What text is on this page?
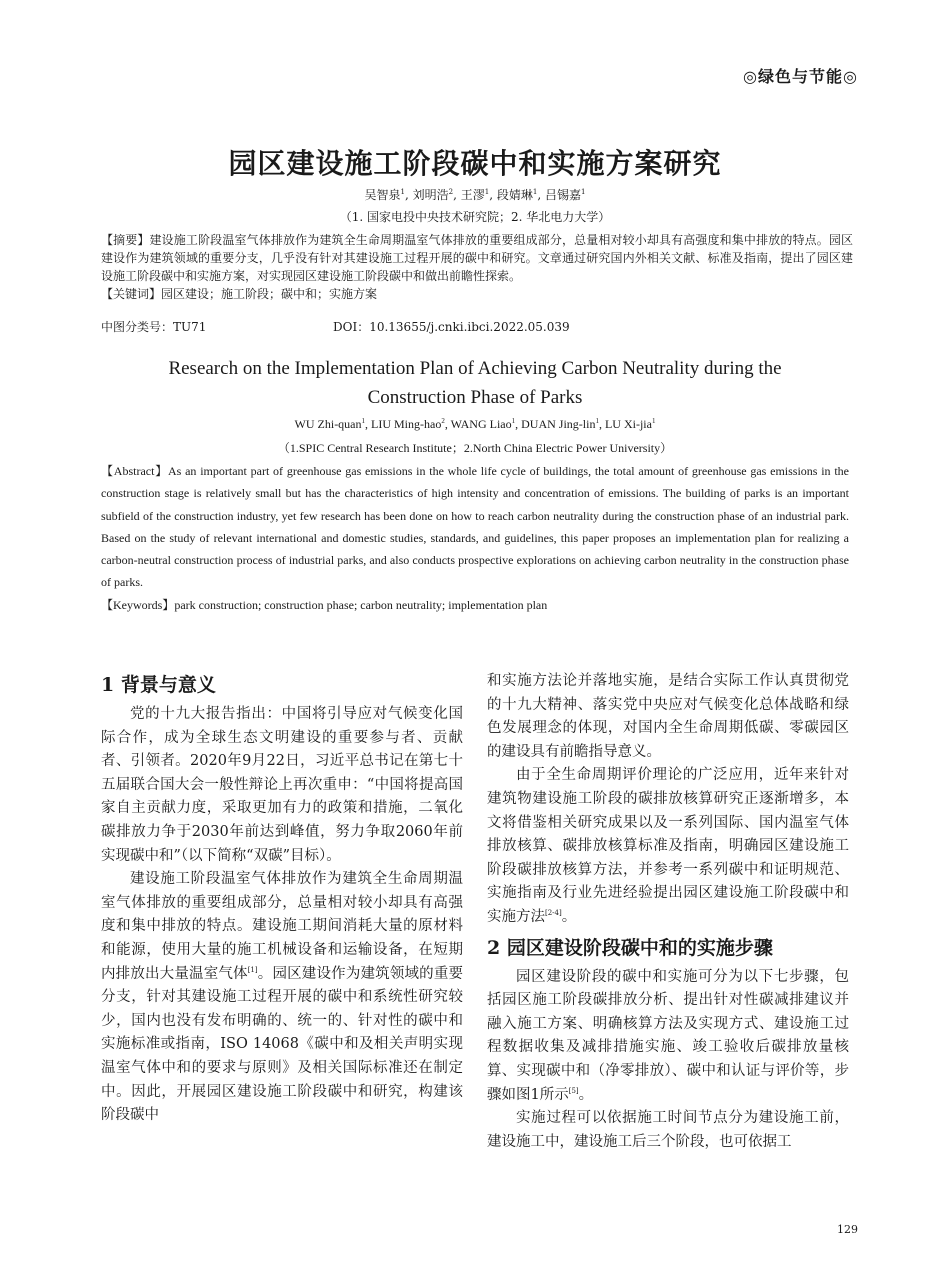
◎绿色与节能◎
园区建设施工阶段碳中和实施方案研究
吴智泉$^1$, 刘明浩$^2$, 王漻$^1$, 段婧琳$^1$, 吕锡嘉$^1$
（1. 国家电投中央技术研究院；2. 华北电力大学）

【摘要】建设施工阶段温室气体排放作为建筑全生命周期温室气体排放的重要组成部分，总量相对较小却具有高强度和集中排放的特点。园区建设作为建筑领域的重要分支，几乎没有针对其建设施工过程开展的碳中和研究。文章通过研究国内外相关文献、标准及指南，提出了园区建设施工阶段碳中和实施方案，对实现园区建设施工阶段碳中和做出前瞻性探索。
【关键词】园区建设；施工阶段；碳中和；实施方案

中图分类号：TU71	DOI：10.13655/j.cnki.ibci.2022.05.039

Research on the Implementation Plan of Achieving Carbon Neutrality during the Construction Phase of Parks

WU Zhi-quan$^1$, LIU Ming-hao$^2$, WANG Liao$^1$, DUAN Jing-lin$^1$, LU Xi-jia$^1$
（1.SPIC Central Research Institute；2.North China Electric Power University）

【Abstract】As an important part of greenhouse gas emissions in the whole life cycle of buildings, the total amount of greenhouse gas emissions in the construction stage is relatively small but has the characteristics of high intensity and concentration of emissions. The building of parks is an important subfield of the construction industry, yet few research has been done on how to reach carbon neutrality during the construction phase of an industrial park. Based on the study of relevant international and domestic studies, standards, and guidelines, this paper proposes an implementation plan for realizing a carbon-neutral construction process of industrial parks, and also conducts prospective explorations on achieving carbon neutrality in the construction phase of parks.

【Keywords】park construction; construction phase; carbon neutrality; implementation plan

1 背景与意义

党的十九大报告指出：中国将引导应对气候变化国际合作，成为全球生态文明建设的重要参与者、贡献者、引领者。2020年9月22日，习近平总书记在第七十五届联合国大会一般性辩论上再次重申：“中国将提高国家自主贡献力度，采取更加有力的政策和措施，二氧化碳排放力争于2030年前达到峰值，努力争取2060年前实现碳中和”（以下简称“双碳”目标）。

建设施工阶段温室气体排放作为建筑全生命周期温室气体排放的重要组成部分，总量相对较小却具有高强度和集中排放的特点。建设施工期间消耗大量的原材料和能源，使用大量的施工机械设备和运输设备，在短期内排放出大量温室气体[1]。园区建设作为建筑领域的重要分支，针对其建设施工过程开展的碳中和系统性研究较少，国内也没有发布明确的、统一的、针对性的碳中和实施标准或指南，ISO 14068《碳中和及相关声明实现温室气体中和的要求与原则》及相关国际标准还在制定中。因此，开展园区建设施工阶段碳中和研究，构建该阶段碳中

和实施方法论并落地实施，是结合实际工作认真贯彻党的十九大精神、落实党中央应对气候变化总体战略和绿色发展理念的体现，对国内全生命周期低碳、零碳园区的建设具有前瞻指导意义。

由于全生命周期评价理论的广泛应用，近年来针对建筑物建设施工阶段的碳排放核算研究正逐渐增多，本文将借鉴相关研究成果以及一系列国际、国内温室气体排放核算、碳排放核算标准及指南，明确园区建设施工阶段碳排放核算方法，并参考一系列碳中和证明规范、实施指南及行业先进经验提出园区建设施工阶段碳中和实施方法[2-4]。

2 园区建设阶段碳中和的实施步骤

园区建设阶段的碳中和实施可分为以下七步骤，包括园区施工阶段碳排放分析、提出针对性碳减排建议并融入施工方案、明确核算方法及实现方式、建设施工过程数据收集及减排措施实施、竣工验收后碳排放量核算、实现碳中和（净零排放）、碳中和认证与评价等，步骤如图1所示[5]。

实施过程可以依据施工时间节点分为建设施工前，建设施工中，建设施工后三个阶段，也可依据工

129
